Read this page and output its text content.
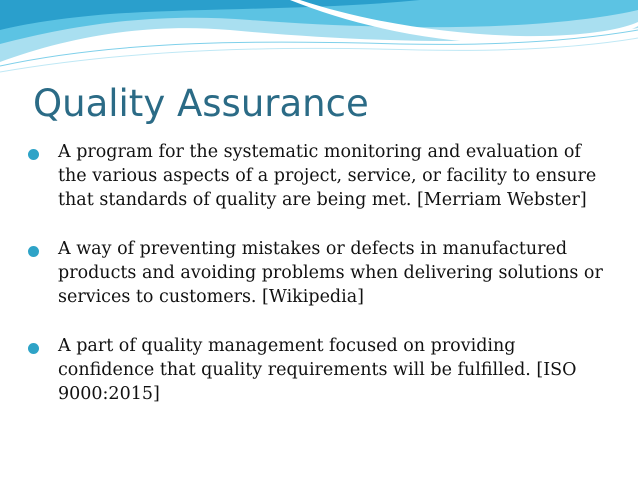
Quality Assurance
A program for the systematic monitoring and evaluation of the various aspects of a project, service, or facility to ensure that standards of quality are being met. [Merriam Webster]
A way of preventing mistakes or defects in manufactured products and avoiding problems when delivering solutions or services to customers. [Wikipedia]
A part of quality management focused on providing confidence that quality requirements will be fulfilled. [ISO 9000:2015]
